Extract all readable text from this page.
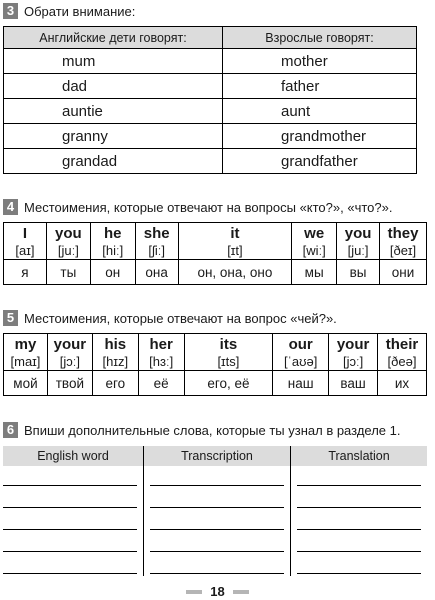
3 Обрати внимание:
Английские дети говорят:	Взрослые говорят:
mum	mother
dad	father
auntie	aunt
granny	grandmother
grandad	grandfather
4 Местоимения, которые отвечают на вопросы «кто?», «что?».
I	you	he	she	it	we	you	they
[aɪ]	[juː]	[hiː]	[ʃiː]	[ɪt]	[wiː]	[juː]	[ðeɪ]
я	ты	он	она	он, она, оно	мы	вы	они
5 Местоимения, которые отвечают на вопрос «чей?».
my	your	his	her	its	our	your	their
[maɪ]	[jɔː]	[hɪz]	[hɜː]	[ɪts]	[ˈaʊə]	[jɔː]	[ðeə]
мой	твой	его	её	его, её	наш	ваш	их
6 Впиши дополнительные слова, которые ты узнал в разделе 1.
English word	Transcription	Translation

18
